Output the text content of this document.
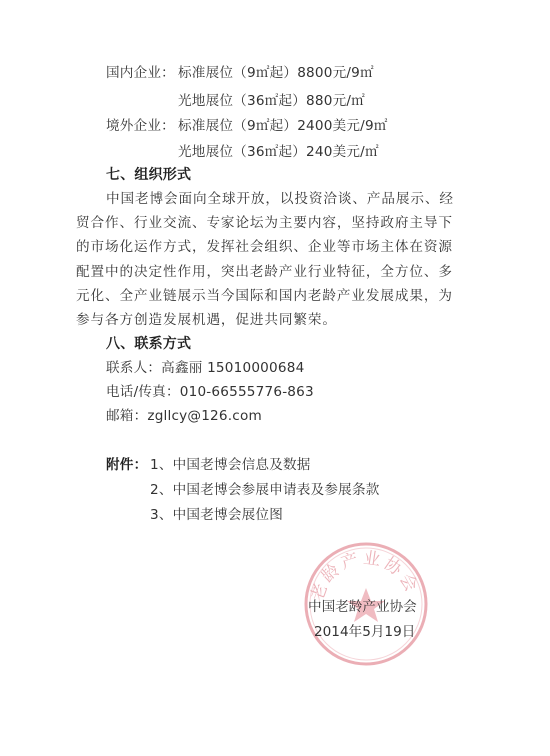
国内企业： 标准展位（9㎡起）8800元/9㎡
光地展位（36㎡起）880元/㎡
境外企业： 标准展位（9㎡起）2400美元/9㎡
光地展位（36㎡起）240美元/㎡
七、组织形式
中国老博会面向全球开放，以投资洽谈、产品展示、经
贸合作、行业交流、专家论坛为主要内容，坚持政府主导下
的市场化运作方式，发挥社会组织、企业等市场主体在资源
配置中的决定性作用，突出老龄产业行业特征，全方位、多
元化、全产业链展示当今国际和国内老龄产业发展成果，为
参与各方创造发展机遇，促进共同繁荣。
八、联系方式
联系人：高鑫丽 15010000684
电话/传真：010-66555776-863
邮箱：zgllcy@126.com
附件： 1、中国老博会信息及数据
2、中国老博会参展申请表及参展条款
3、中国老博会展位图
老龄产业协会
中国老龄产业协会
2014年5月19日
